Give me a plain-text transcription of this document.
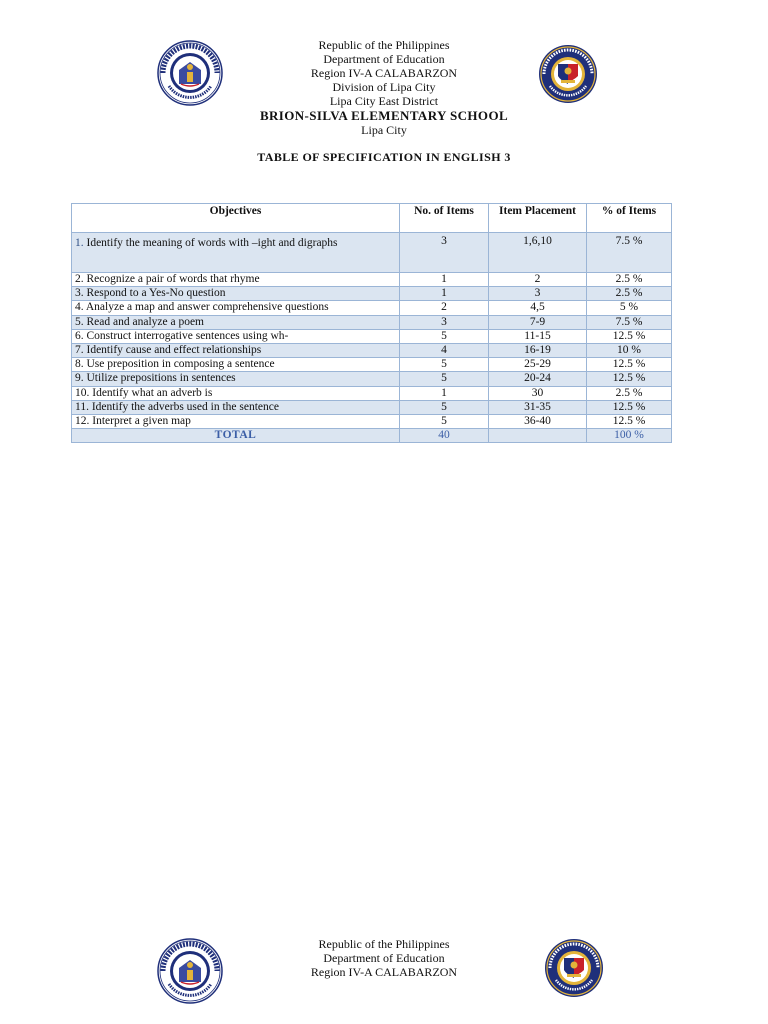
Republic of the Philippines
Department of Education
Region IV-A CALABARZON
Division of Lipa City
Lipa City East District
BRION-SILVA ELEMENTARY SCHOOL
Lipa City
TABLE OF SPECIFICATION IN ENGLISH 3
Objectives	No. of Items	Item Placement	% of Items
1. Identify the meaning of words with –ight and digraphs	3	1,6,10	7.5 %
2. Recognize a pair of words that rhyme	1	2	2.5 %
3. Respond to a Yes-No question	1	3	2.5 %
4. Analyze a map and answer comprehensive questions	2	4,5	5 %
5. Read and analyze a poem	3	7-9	7.5 %
6. Construct interrogative sentences using wh-	5	11-15	12.5 %
7. Identify cause and effect relationships	4	16-19	10 %
8. Use preposition in composing a sentence	5	25-29	12.5 %
9. Utilize prepositions in sentences	5	20-24	12.5 %
10. Identify what an adverb is	1	30	2.5 %
11. Identify the adverbs used in the sentence	5	31-35	12.5 %
12. Interpret a given map	5	36-40	12.5 %
TOTAL	40		100 %
Republic of the Philippines
Department of Education
Region IV-A CALABARZON
